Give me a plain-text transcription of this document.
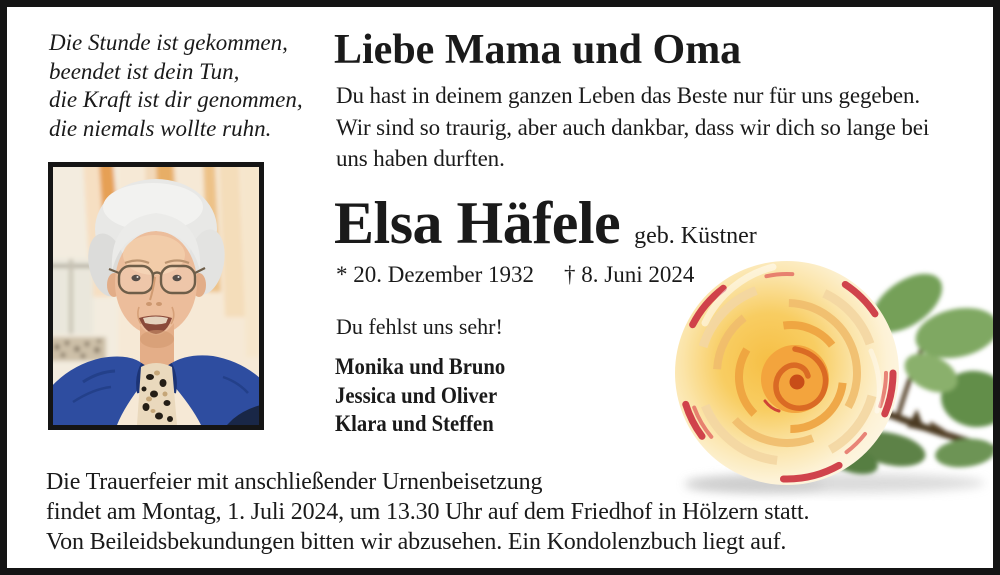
Die Stunde ist gekommen,
beendet ist dein Tun,
die Kraft ist dir genommen,
die niemals wollte ruhn.
Liebe Mama und Oma
Du hast in deinem ganzen Leben das Beste nur für uns gegeben.
Wir sind so traurig, aber auch dankbar, dass wir dich so lange bei
uns haben durften.
Elsa Häfele geb. Küstner
* 20. Dezember 1932 † 8. Juni 2024
Du fehlst uns sehr!
Monika und Bruno
Jessica und Oliver
Klara und Steffen
Die Trauerfeier mit anschließender Urnenbeisetzung
findet am Montag, 1. Juli 2024, um 13.30 Uhr auf dem Friedhof in Hölzern statt.
Von Beileidsbekundungen bitten wir abzusehen. Ein Kondolenzbuch liegt auf.
